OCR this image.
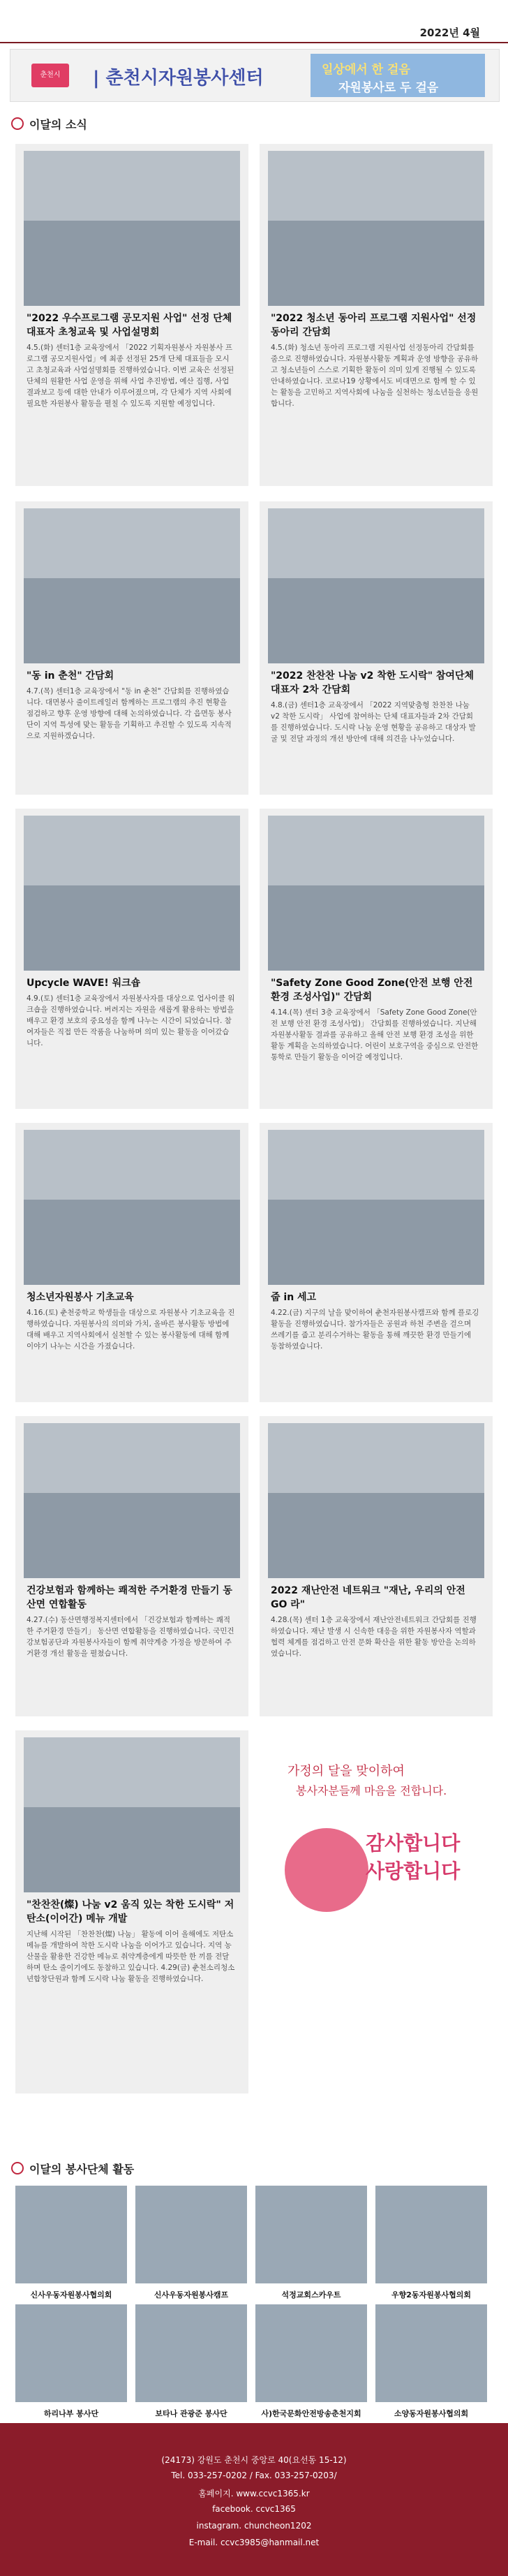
2022년 4월
춘천시	| 춘천시자원봉사센터	일상에서 한 걸음
자원봉사로 두 걸음
이달의 소식
"2022 우수프로그램 공모지원 사업" 선정 단체 대표자 초청교육 및 사업설명회

4.5.(화) 센터1층 교육장에서 「2022 기획자원봉사 자원봉사 프로그램 공모지원사업」에 최종 선정된 25개 단체 대표들을 모시고 초청교육과 사업설명회를 진행하였습니다. 이번 교육은 선정된 단체의 원활한 사업 운영을 위해 사업 추진방법, 예산 집행, 사업 결과보고 등에 대한 안내가 이루어졌으며, 각 단체가 지역 사회에 필요한 자원봉사 활동을 펼칠 수 있도록 지원할 예정입니다.

"2022 청소년 동아리 프로그램 지원사업" 선정동아리 간담회

4.5.(화) 청소년 동아리 프로그램 지원사업 선정동아리 간담회를 줌으로 진행하였습니다. 자원봉사활동 계획과 운영 방향을 공유하고 청소년들이 스스로 기획한 활동이 의미 있게 진행될 수 있도록 안내하였습니다. 코로나19 상황에서도 비대면으로 함께 할 수 있는 활동을 고민하고 지역사회에 나눔을 실천하는 청소년들을 응원합니다.

"동 in 춘천" 간담회

4.7.(목) 센터1층 교육장에서 "동 in 춘천" 간담회를 진행하였습니다. 대면봉사 줄이트레일러 함께하는 프로그램의 추진 현황을 점검하고 향후 운영 방향에 대해 논의하였습니다. 각 읍면동 봉사단이 지역 특성에 맞는 활동을 기획하고 추진할 수 있도록 지속적으로 지원하겠습니다.

"2022 찬찬찬 나눔 v2 착한 도시락" 참여단체 대표자 2차 간담회

4.8.(금) 센터1층 교육장에서 「2022 지역맞춤형 찬찬찬 나눔 v2 착한 도시락」 사업에 참여하는 단체 대표자들과 2차 간담회를 진행하였습니다. 도시락 나눔 운영 현황을 공유하고 대상자 발굴 및 전달 과정의 개선 방안에 대해 의견을 나누었습니다.

Upcycle WAVE! 워크숍

4.9.(토) 센터1층 교육장에서 자원봉사자를 대상으로 업사이클 워크숍을 진행하였습니다. 버려지는 자원을 새롭게 활용하는 방법을 배우고 환경 보호의 중요성을 함께 나누는 시간이 되었습니다. 참여자들은 직접 만든 작품을 나눔하며 의미 있는 활동을 이어갔습니다.

"Safety Zone Good Zone(안전 보행 안전 환경 조성사업)" 간담회

4.14.(목) 센터 3층 교육장에서 「Safety Zone Good Zone(안전 보행 안전 환경 조성사업)」 간담회를 진행하였습니다. 지난해 자원봉사활동 결과를 공유하고 올해 안전 보행 환경 조성을 위한 활동 계획을 논의하였습니다. 어린이 보호구역을 중심으로 안전한 통학로 만들기 활동을 이어갈 예정입니다.

청소년자원봉사 기초교육

4.16.(토) 춘천중학교 학생들을 대상으로 자원봉사 기초교육을 진행하였습니다. 자원봉사의 의미와 가치, 올바른 봉사활동 방법에 대해 배우고 지역사회에서 실천할 수 있는 봉사활동에 대해 함께 이야기 나누는 시간을 가졌습니다.

줍 in 세고

4.22.(금) 지구의 날을 맞이하여 춘천자원봉사캠프와 함께 플로깅 활동을 진행하였습니다. 참가자들은 공원과 하천 주변을 걸으며 쓰레기를 줍고 분리수거하는 활동을 통해 깨끗한 환경 만들기에 동참하였습니다.

건강보험과 함께하는 쾌적한 주거환경 만들기 동산면 연합활동

4.27.(수) 동산면행정복지센터에서 「건강보험과 함께하는 쾌적한 주거환경 만들기」 동산면 연합활동을 진행하였습니다. 국민건강보험공단과 자원봉사자들이 함께 취약계층 가정을 방문하여 주거환경 개선 활동을 펼쳤습니다.

2022 재난안전 네트워크 "재난, 우리의 안전GO 라"

4.28.(목) 센터 1층 교육장에서 재난안전네트워크 간담회를 진행하였습니다. 재난 발생 시 신속한 대응을 위한 자원봉사자 역할과 협력 체계를 점검하고 안전 문화 확산을 위한 활동 방안을 논의하였습니다.

"찬찬찬(燦) 나눔 v2 움직 있는 착한 도시락" 저탄소(이어간) 메뉴 개발

지난해 시작된 「찬찬찬(燦) 나눔」 활동에 이어 올해에도 저탄소 메뉴를 개발하여 착한 도시락 나눔을 이어가고 있습니다. 지역 농산물을 활용한 건강한 메뉴로 취약계층에게 따뜻한 한 끼를 전달하며 탄소 줄이기에도 동참하고 있습니다. 4.29(금) 춘천소리청소년합창단원과 함께 도시락 나눔 활동을 진행하였습니다.

가정의 달을 맞이하여
봉사자분들께 마음을 전합니다.
감사합니다 사랑합니다
이달의 봉사단체 활동
신사우동자원봉사협의회	신사우동자원봉사캠프	석정교회스카우트	우향2동자원봉사협의회
하리나부 봉사단	보타나 관광준 봉사단	사)한국문화안전방송춘천지회	소양동자원봉사협의회
(24173) 강원도 춘천시 중앙로 40(요선동 15-12)
Tel. 033-257-0202 / Fax. 033-257-0203/
홈페이지. www.ccvc1365.kr
facebook. ccvc1365
instagram. chuncheon1202
E-mail. ccvc3985@hanmail.net
